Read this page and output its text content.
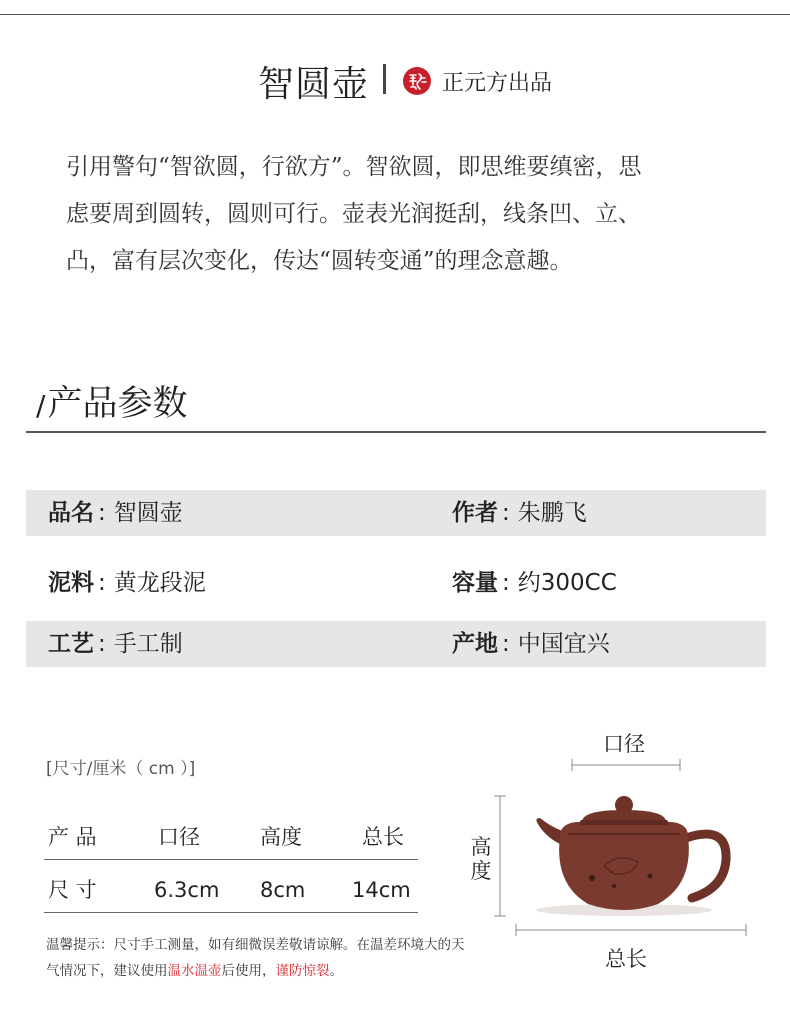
智圆壶	正元方出品

引用警句“智欲圆，行欲方”。智欲圆，即思维要缜密，思

虑要周到圆转，圆则可行。壶表光润挺刮，线条凹、立、

凸，富有层次变化，传达“圆转变通”的理念意趣。

/产品参数
品名 : 智圆壶	作者 : 朱鹏飞
泥料 : 黄龙段泥	容量 : 约300CC
工艺 : 手工制	产地 : 中国宜兴
[尺寸/厘米（ cm ）]
产 品	口径	高度	总长
尺 寸	6.3cm 8cm 14cm
温馨提示：尺寸手工测量，如有细微误差敬请谅解。在温差环境大的天气情况下，建议使用温水温壶后使用，谨防惊裂。
口径
高
度
总长
